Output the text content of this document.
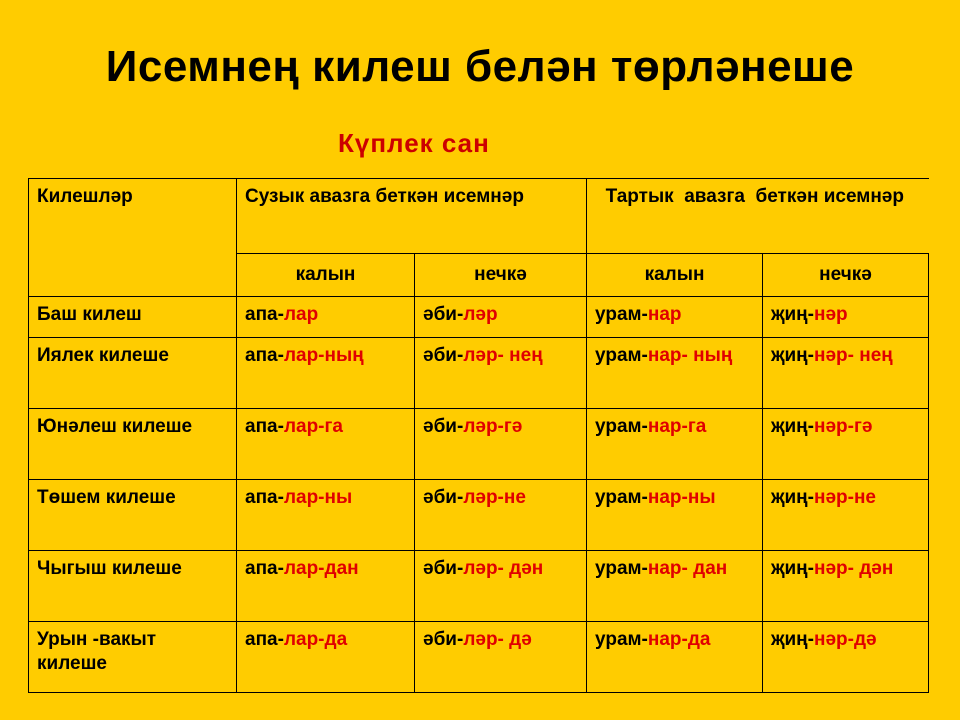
Исемнең килеш белән төрләнеше
Күплек сан
Килешләр	Сузык авазга беткән исемнәр		Тартык  авазга  беткән исемнәр	
	калын	нечкә	калын	нечкә
Баш килеш	апа-лар	әби-ләр	урам-нар	җиң-нәр
Иялек килеше	апа-лар-ның	әби-ләр- нең	урам-нар- ның	җиң-нәр- нең
Юнәлеш килеше	апа-лар-га	әби-ләр-гә	урам-нар-га	җиң-нәр-гә
Төшем килеше	апа-лар-ны	әби-ләр-не	урам-нар-ны	җиң-нәр-не
Чыгыш килеше	апа-лар-дан	әби-ләр- дән	урам-нар- дан	җиң-нәр- дән
Урын -вакыт килеше	апа-лар-да	әби-ләр- дә	урам-нар-да	җиң-нәр-дә
